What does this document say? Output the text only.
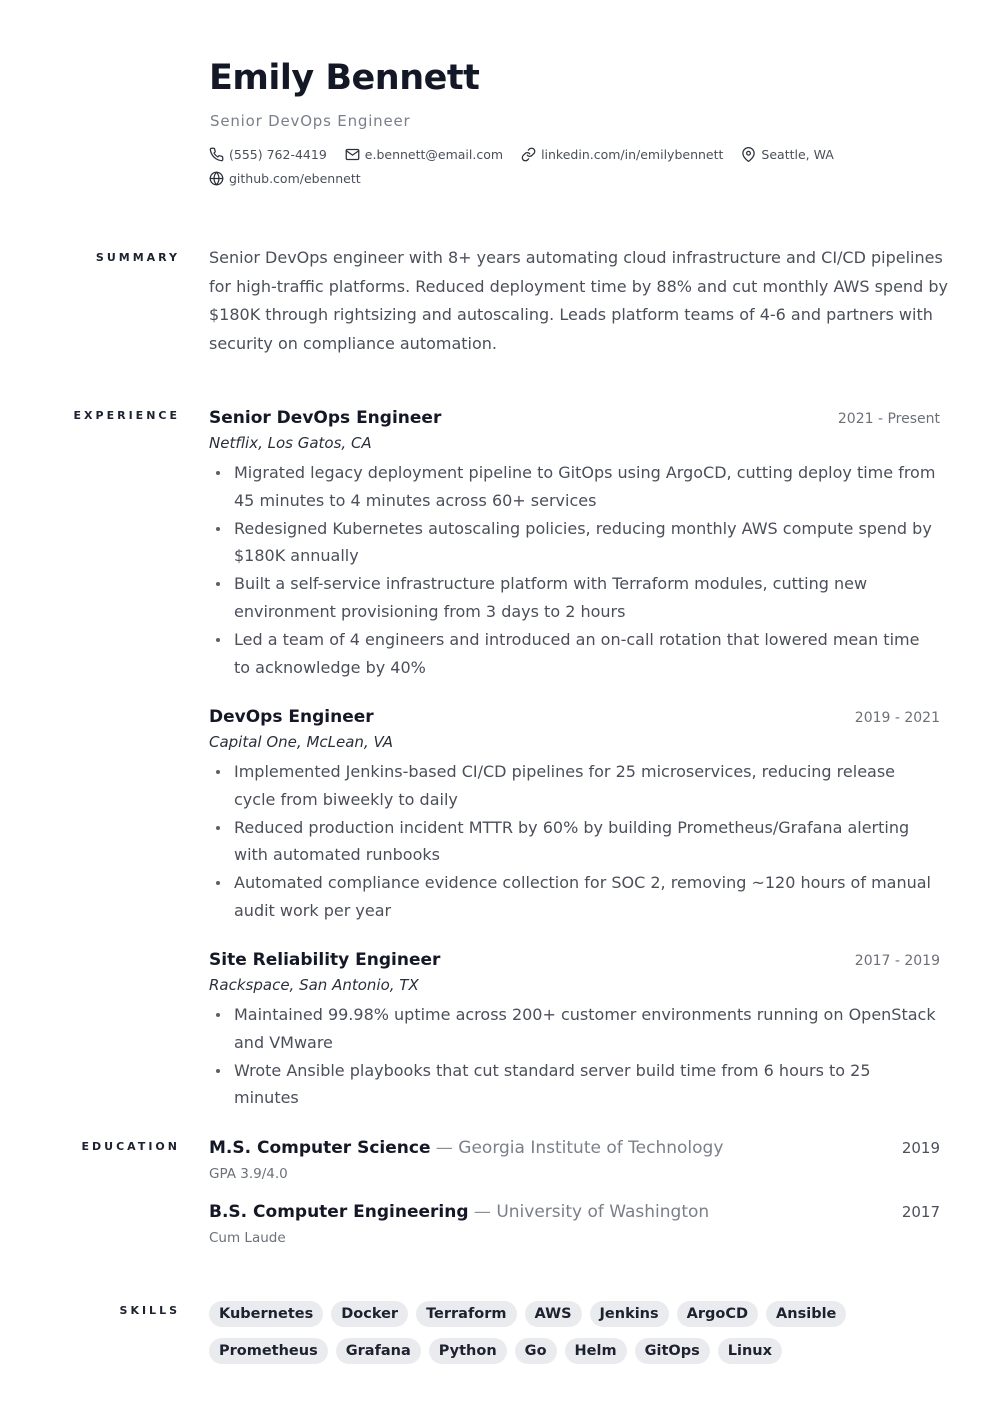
Emily Bennett
Senior DevOps Engineer
(555) 762-4419	e.bennett@email.com	linkedin.com/in/emilybennett	Seattle, WA
github.com/ebennett
SUMMARY Senior DevOps engineer with 8+ years automating cloud infrastructure and CI/CD pipelines for high-traffic platforms. Reduced deployment time by 88% and cut monthly AWS spend by $180K through rightsizing and autoscaling. Leads platform teams of 4-6 and partners with security on compliance automation.

EXPERIENCE Senior DevOps Engineer	2021 - Present
Netflix, Los Gatos, CA
Migrated legacy deployment pipeline to GitOps using ArgoCD, cutting deploy time from 45 minutes to 4 minutes across 60+ services
Redesigned Kubernetes autoscaling policies, reducing monthly AWS compute spend by $180K annually
Built a self-service infrastructure platform with Terraform modules, cutting new environment provisioning from 3 days to 2 hours
Led a team of 4 engineers and introduced an on-call rotation that lowered mean time to acknowledge by 40%
DevOps Engineer	2019 - 2021
Capital One, McLean, VA
Implemented Jenkins-based CI/CD pipelines for 25 microservices, reducing release cycle from biweekly to daily
Reduced production incident MTTR by 60% by building Prometheus/Grafana alerting with automated runbooks
Automated compliance evidence collection for SOC 2, removing ~120 hours of manual audit work per year
Site Reliability Engineer	2017 - 2019
Rackspace, San Antonio, TX
Maintained 99.98% uptime across 200+ customer environments running on OpenStack and VMware
Wrote Ansible playbooks that cut standard server build time from 6 hours to 25 minutes
EDUCATION M.S. Computer Science — Georgia Institute of Technology	2019
GPA 3.9/4.0
B.S. Computer Engineering — University of Washington	2017
Cum Laude
SKILLS	Kubernetes	Docker	Terraform	AWS	Jenkins	ArgoCD	Ansible
Prometheus	Grafana	Python	Go	Helm	GitOps	Linux
